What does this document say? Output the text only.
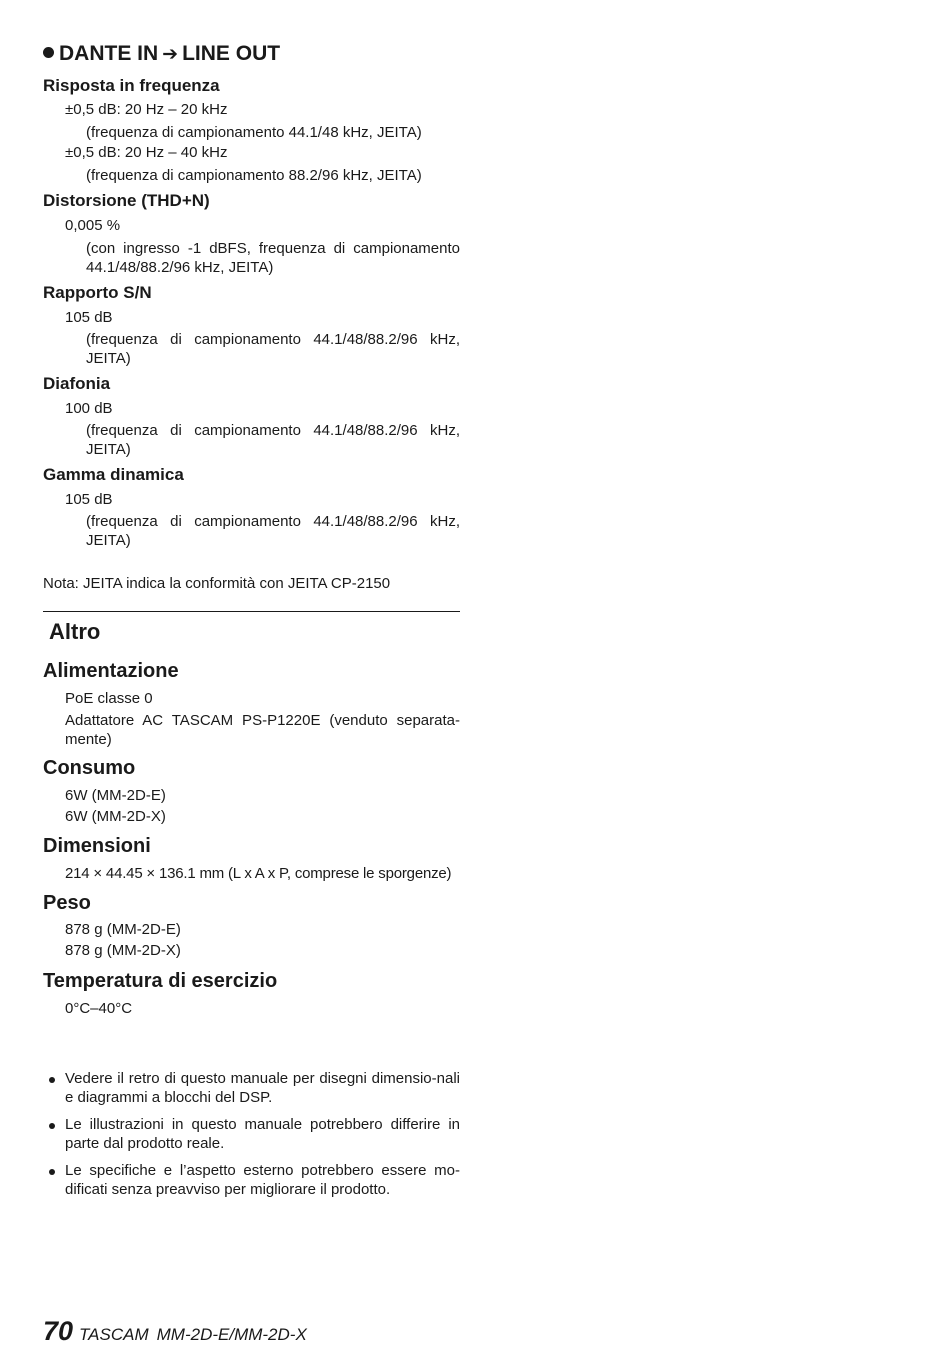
DANTE IN ➔ LINE OUT
Risposta in frequenza
±0,5 dB: 20 Hz – 20 kHz
(frequenza di campionamento 44.1/48 kHz, JEITA)
±0,5 dB: 20 Hz – 40 kHz
(frequenza di campionamento 88.2/96 kHz, JEITA)
Distorsione (THD+N)
0,005 %
(con ingresso -1 dBFS, frequenza di campionamento 44.1/48/88.2/96 kHz, JEITA)
Rapporto S/N
105 dB
(frequenza di campionamento 44.1/48/88.2/96 kHz, JEITA)
Diafonia
100 dB
(frequenza di campionamento 44.1/48/88.2/96 kHz, JEITA)
Gamma dinamica
105 dB
(frequenza di campionamento 44.1/48/88.2/96 kHz, JEITA)
Nota: JEITA indica la conformità con JEITA CP-2150
Altro
Alimentazione
PoE classe 0
Adattatore AC TASCAM PS-P1220E (venduto separata-mente)
Consumo
6W (MM-2D-E)
6W (MM-2D-X)
Dimensioni
214 × 44.45 × 136.1 mm (L x A x P, comprese le sporgenze)
Peso
878 g (MM-2D-E)
878 g (MM-2D-X)
Temperatura di esercizio
0°C–40°C
Vedere il retro di questo manuale per disegni dimensio-nali e diagrammi a blocchi del DSP.
Le illustrazioni in questo manuale potrebbero differire in parte dal prodotto reale.
Le specifiche e l’aspetto esterno potrebbero essere mo-dificati senza preavviso per migliorare il prodotto.
70 TASCAM MM-2D-E/MM-2D-X
